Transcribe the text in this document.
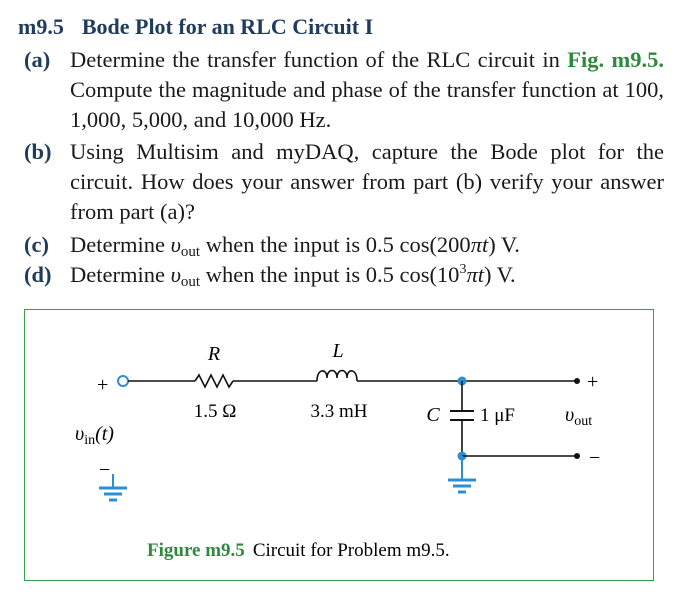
m9.5 Bode Plot for an RLC Circuit I
(a) Determine the transfer function of the RLC circuit in Fig. m9.5. Compute the magnitude and phase of the transfer function at 100, 1,000, 5,000, and 10,000 Hz.
(b) Using Multisim and myDAQ, capture the Bode plot for the circuit. How does your answer from part (b) verify your answer from part (a)?
(c) Determine υout when the input is 0.5 cos(200πt) V.
(d) Determine υout when the input is 0.5 $\cos(10^3\pi t)$ V.
R
1.5 Ω
L
3.3 mH	C 1 μF
+
−
$\upsilon_{in}(t)$
+
−
$\upsilon_{out}$
Figure m9.5 Circuit for Problem m9.5.
